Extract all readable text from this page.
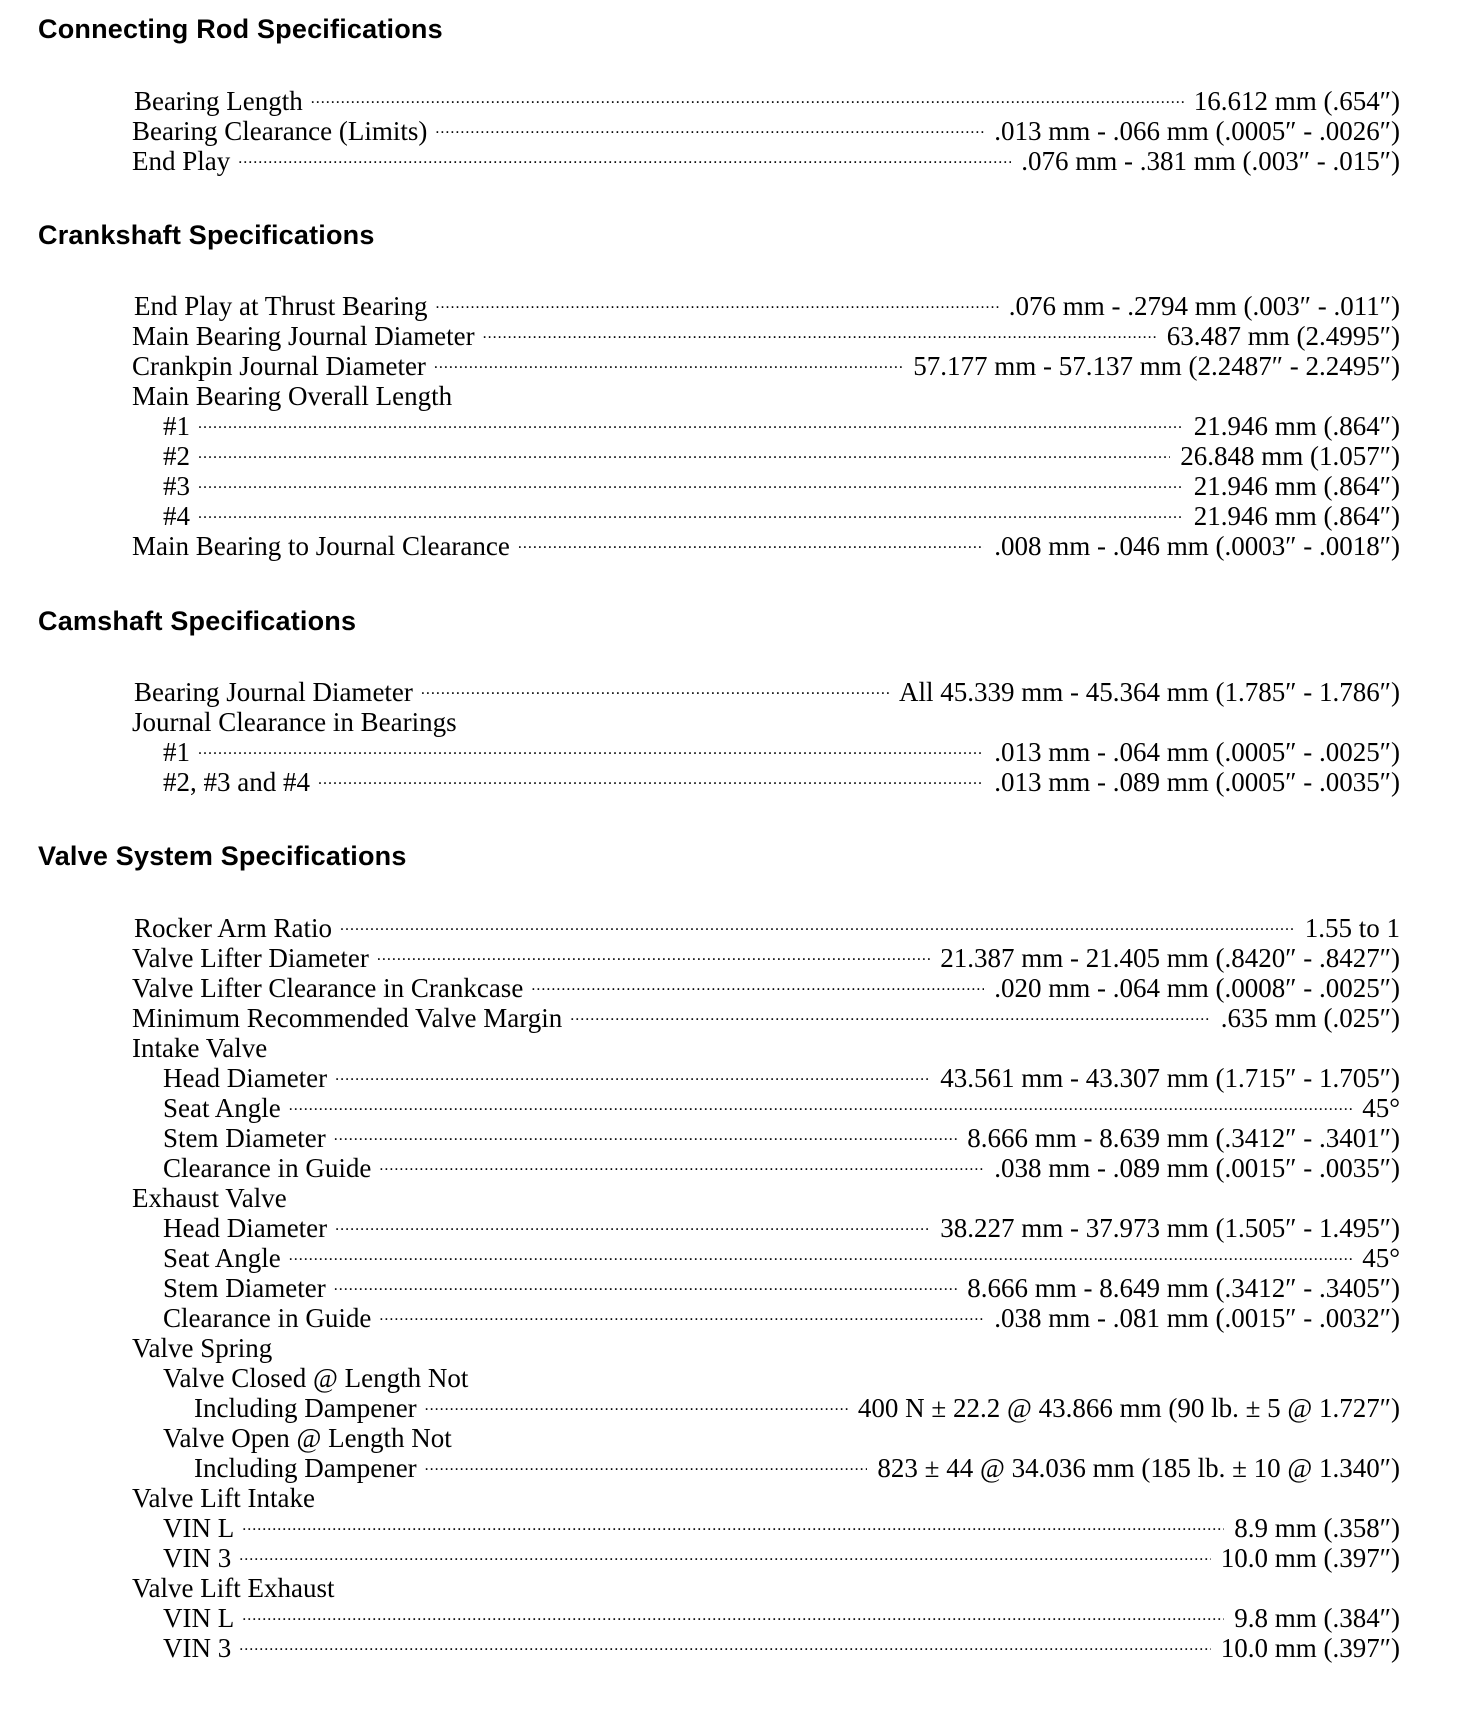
Connecting Rod Specifications
Bearing Length .....	16.612 mm (.654″)
Bearing Clearance (Limits) .....	.013 mm - .066 mm (.0005″ - .0026″)
End Play .....	.076 mm - .381 mm (.003″ - .015″)
Crankshaft Specifications
End Play at Thrust Bearing .....	.076 mm - .2794 mm (.003″ - .011″)
Main Bearing Journal Diameter .....	63.487 mm (2.4995″)
Crankpin Journal Diameter .....	57.177 mm - 57.137 mm (2.2487″ - 2.2495″)
Main Bearing Overall Length
#1 .....	21.946 mm (.864″)
#2 .....	26.848 mm (1.057″)
#3 .....	21.946 mm (.864″)
#4 .....	21.946 mm (.864″)
Main Bearing to Journal Clearance .....	.008 mm - .046 mm (.0003″ - .0018″)
Camshaft Specifications
Bearing Journal Diameter .....	All 45.339 mm - 45.364 mm (1.785″ - 1.786″)
Journal Clearance in Bearings
#1 .....	.013 mm - .064 mm (.0005″ - .0025″)
#2, #3 and #4 .....	.013 mm - .089 mm (.0005″ - .0035″)
Valve System Specifications
Rocker Arm Ratio .....	1.55 to 1
Valve Lifter Diameter .....	21.387 mm - 21.405 mm (.8420″ - .8427″)
Valve Lifter Clearance in Crankcase .....	.020 mm - .064 mm (.0008″ - .0025″)
Minimum Recommended Valve Margin .....	.635 mm (.025″)
Intake Valve
Head Diameter .....	43.561 mm - 43.307 mm (1.715″ - 1.705″)
Seat Angle .....	45°
Stem Diameter .....	8.666 mm - 8.639 mm (.3412″ - .3401″)
Clearance in Guide .....	.038 mm - .089 mm (.0015″ - .0035″)
Exhaust Valve
Head Diameter .....	38.227 mm - 37.973 mm (1.505″ - 1.495″)
Seat Angle .....	45°
Stem Diameter .....	8.666 mm - 8.649 mm (.3412″ - .3405″)
Clearance in Guide .....	.038 mm - .081 mm (.0015″ - .0032″)
Valve Spring
Valve Closed @ Length Not
Including Dampener .....	400 N ± 22.2 @ 43.866 mm (90 lb. ± 5 @ 1.727″)
Valve Open @ Length Not
Including Dampener .....	823 ± 44 @ 34.036 mm (185 lb. ± 10 @ 1.340″)
Valve Lift Intake
VIN L .....	8.9 mm (.358″)
VIN 3 .....	10.0 mm (.397″)
Valve Lift Exhaust
VIN L .....	9.8 mm (.384″)
VIN 3 .....	10.0 mm (.397″)
